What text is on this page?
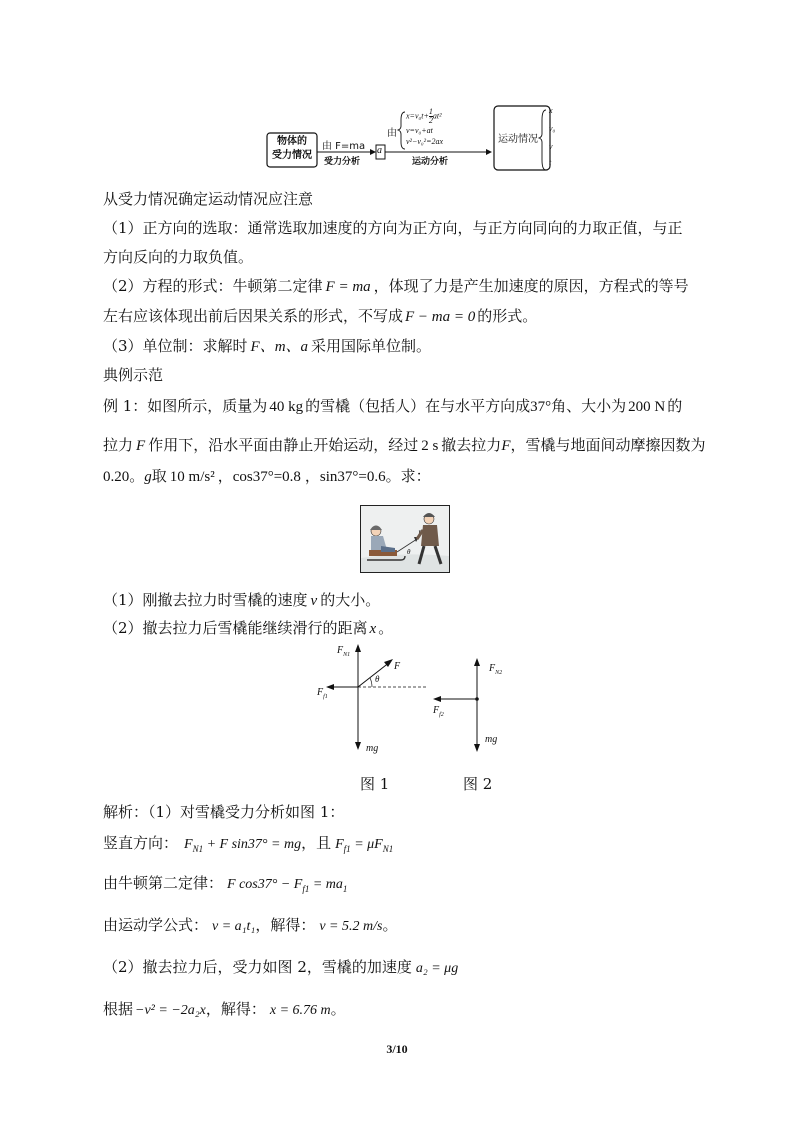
物体的
受力情况
由 F=ma
受力分析
a
由
$x=v_0t+ \frac{1}{2} at^2$
v=v₀+at
v²−v₀²=2ax
运动分析
运动情况
x
v₀
v
t
从受力情况确定运动情况应注意
（1）正方向的选取：通常选取加速度的方向为正方向，与正方向同向的力取正值，与正
方向反向的力取负值。
（2）方程的形式：牛顿第二定律 F = ma ，体现了力是产生加速度的原因，方程式的等号
左右应该体现出前后因果关系的形式，不写成 F − ma = 0 的形式。
（3）单位制：求解时 F、m、a 采用国际单位制。
典例示范
例 1：如图所示，质量为 40 kg 的雪橇（包括人）在与水平方向成37°角、大小为 200 N 的
拉力 F 作用下，沿水平面由静止开始运动，经过 2 s 撤去拉力F，雪橇与地面间动摩擦因数为
0.20。g取 10 m/s² ，cos37°=0.8 ，sin37°=0.6。求：
θ
（1）刚撤去拉力时雪橇的速度 v 的大小。
（2）撤去拉力后雪橇能继续滑行的距离 x 。
$F_{N1}$
F
θ
$F_{f1}$
mg
$F_{N2}$
$F_{f2}$
mg
图 1	图 2
解析：（1）对雪橇受力分析如图 1：
竖直方向： $F_{N1} + F$ sin37° = mg，且 $F_{f1} = \mu F_{N1}$
由牛顿第二定律： F $\cos 37^\circ - F_{f1} = ma_1$
由运动学公式： v = a₁t₁，解得： v = 5.2 m/s。
（2）撤去拉力后，受力如图 2，雪橇的加速度 a₂ = μg
根据 −v² = −2a₂x，解得： x = 6.76 m。
3/10
